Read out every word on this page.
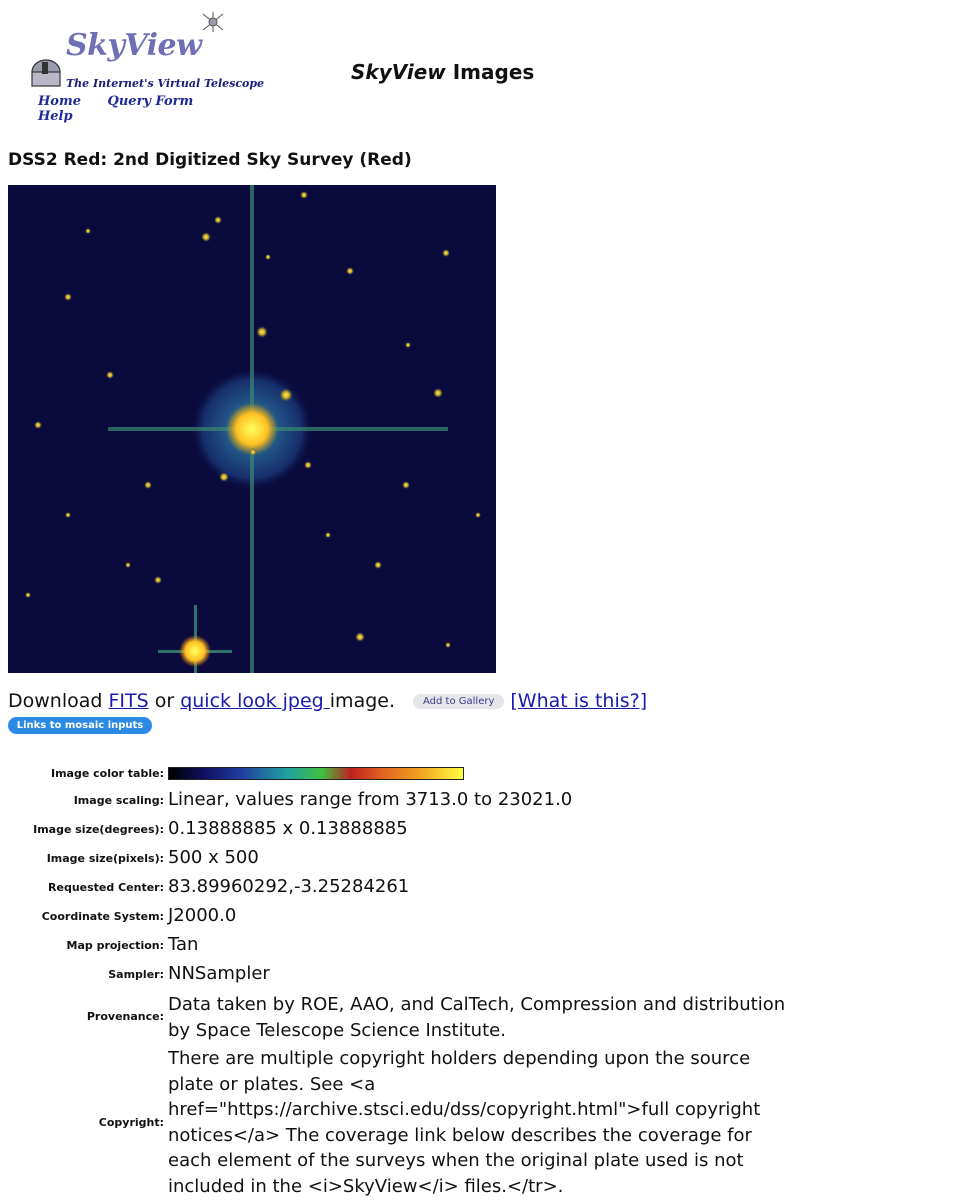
SkyView
The Internet's Virtual Telescope
Home Query Form Help
SkyView Images
DSS2 Red: 2nd Digitized Sky Survey (Red)
Download FITS or quick look jpeg image.	Add to Gallery [What is this?]
Links to mosaic inputs
Image color table:
Image scaling: Linear, values range from 3713.0 to 23021.0
Image size(degrees): 0.13888885 x 0.13888885
Image size(pixels): 500 x 500
Requested Center: 83.89960292,-3.25284261
Coordinate System: J2000.0
Map projection: Tan
Sampler: NNSampler
Provenance:
Data taken by ROE, AAO, and CalTech, Compression and distribution by Space Telescope Science Institute.
Copyright:
There are multiple copyright holders depending upon the source plate or plates. See <a href="https://archive.stsci.edu/dss/copyright.html">full copyright notices</a> The coverage link below describes the coverage for each element of the surveys when the original plate used is not included in the <i>SkyView</i> files.</tr>.
